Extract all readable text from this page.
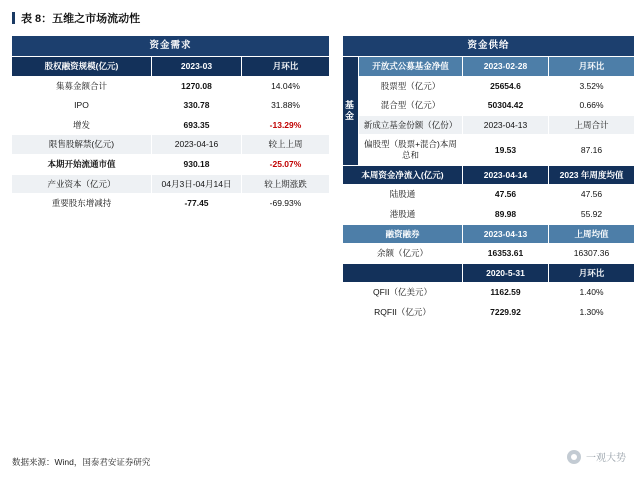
表 8：五维之市场流动性
资金需求		
股权融资规模(亿元)	2023-03	月环比
集募金额合计	1270.08	14.04%
IPO	330.78	31.88%
增发	693.35	-13.29%
限售股解禁(亿元)	2023-04-16	较上上周
本期开始流通市值	930.18	-25.07%
产业资本（亿元）	04月3日-04月14日	较上期涨跌
重要股东增减持	-77.45	-69.93%
资金供给			
基金	开放式公募基金净值	2023-02-28	月环比
	股票型（亿元）	25654.6	3.52%
	混合型（亿元）	50304.42	0.66%
	新成立基金份额（亿份）	2023-04-13	上周合计
	偏股型（股票+混合)本周总和	19.53	87.16
本周资金净流入(亿元)		2023-04-14	2023 年周度均值
陆股通		47.56	47.56
港股通		89.98	55.92
融资融券		2023-04-13	上周均值
余额（亿元）		16353.61	16307.36
		2020-5-31	月环比
QFII（亿美元）		1162.59	1.40%
RQFII（亿元）		7229.92	1.30%
数据来源：Wind，国泰君安证券研究	一观大势
